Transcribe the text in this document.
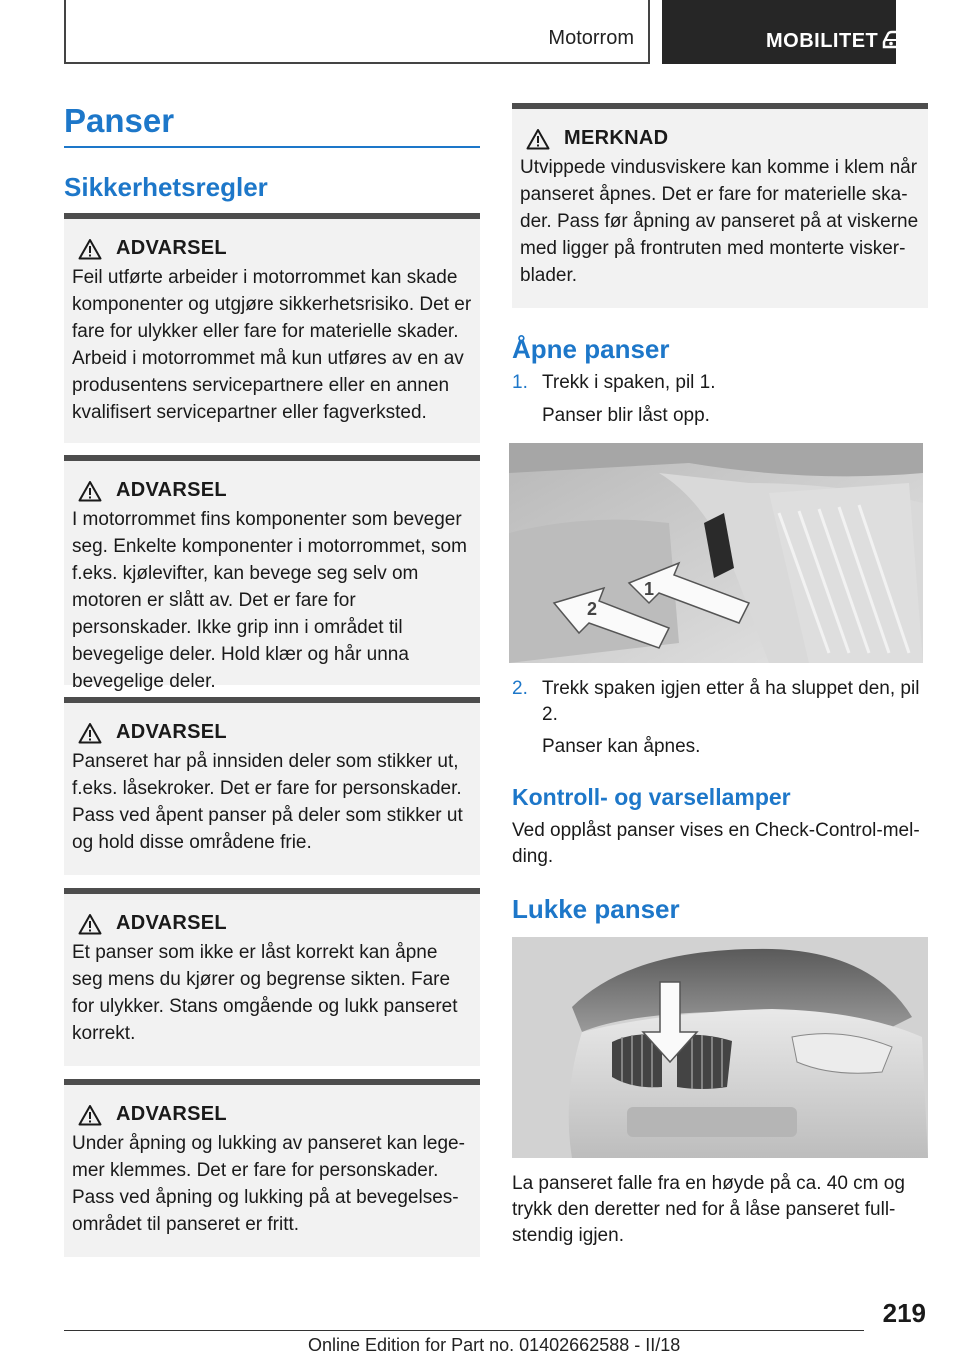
Motorrom	MOBILITET
Panser
Sikkerhetsregler
ADVARSEL

Feil utførte arbeider i motorrommet kan skade komponenter og utgjøre sikkerhetsrisiko. Det er fare for ulykker eller fare for materielle skader. Arbeid i motorrommet må kun utføres av en av produsentens servicepartnere eller en annen kvalifisert servicepartner eller fagverksted.

ADVARSEL

I motorrommet fins komponenter som beveger seg. Enkelte komponenter i motorrommet, som f.eks. kjølevifter, kan bevege seg selv om motoren er slått av. Det er fare for personskader. Ikke grip inn i området til bevegelige deler. Hold klær og hår unna bevegelige deler.

ADVARSEL

Panseret har på innsiden deler som stikker ut, f.eks. låsekroker. Det er fare for personskader. Pass ved åpent panser på deler som stikker ut og hold disse områdene frie.

ADVARSEL

Et panser som ikke er låst korrekt kan åpne seg mens du kjører og begrense sikten. Fare for ulykker. Stans omgående og lukk panseret korrekt.

ADVARSEL

Under åpning og lukking av panseret kan legemer klemmes. Det er fare for personskader. Pass ved åpning og lukking på at bevegelsesområdet til panseret er fritt.

MERKNAD

Utvippede vindusviskere kan komme i klem når panseret åpnes. Det er fare for materielle skader. Pass før åpning av panseret på at viskerne med ligger på frontruten med monterte viskerblader.

Åpne panser
1. Trekk i spaken, pil 1.
Panser blir låst opp.
1
2
2. Trekk spaken igjen etter å ha sluppet den, pil 2.
Panser kan åpnes.
Kontroll- og varsellamper

Ved opplåst panser vises en Check-Control-melding.

Lukke panser

La panseret falle fra en høyde på ca. 40 cm og trykk den deretter ned for å låse panseret fullstendig igjen.

219
Online Edition for Part no. 01402662588 - II/18
